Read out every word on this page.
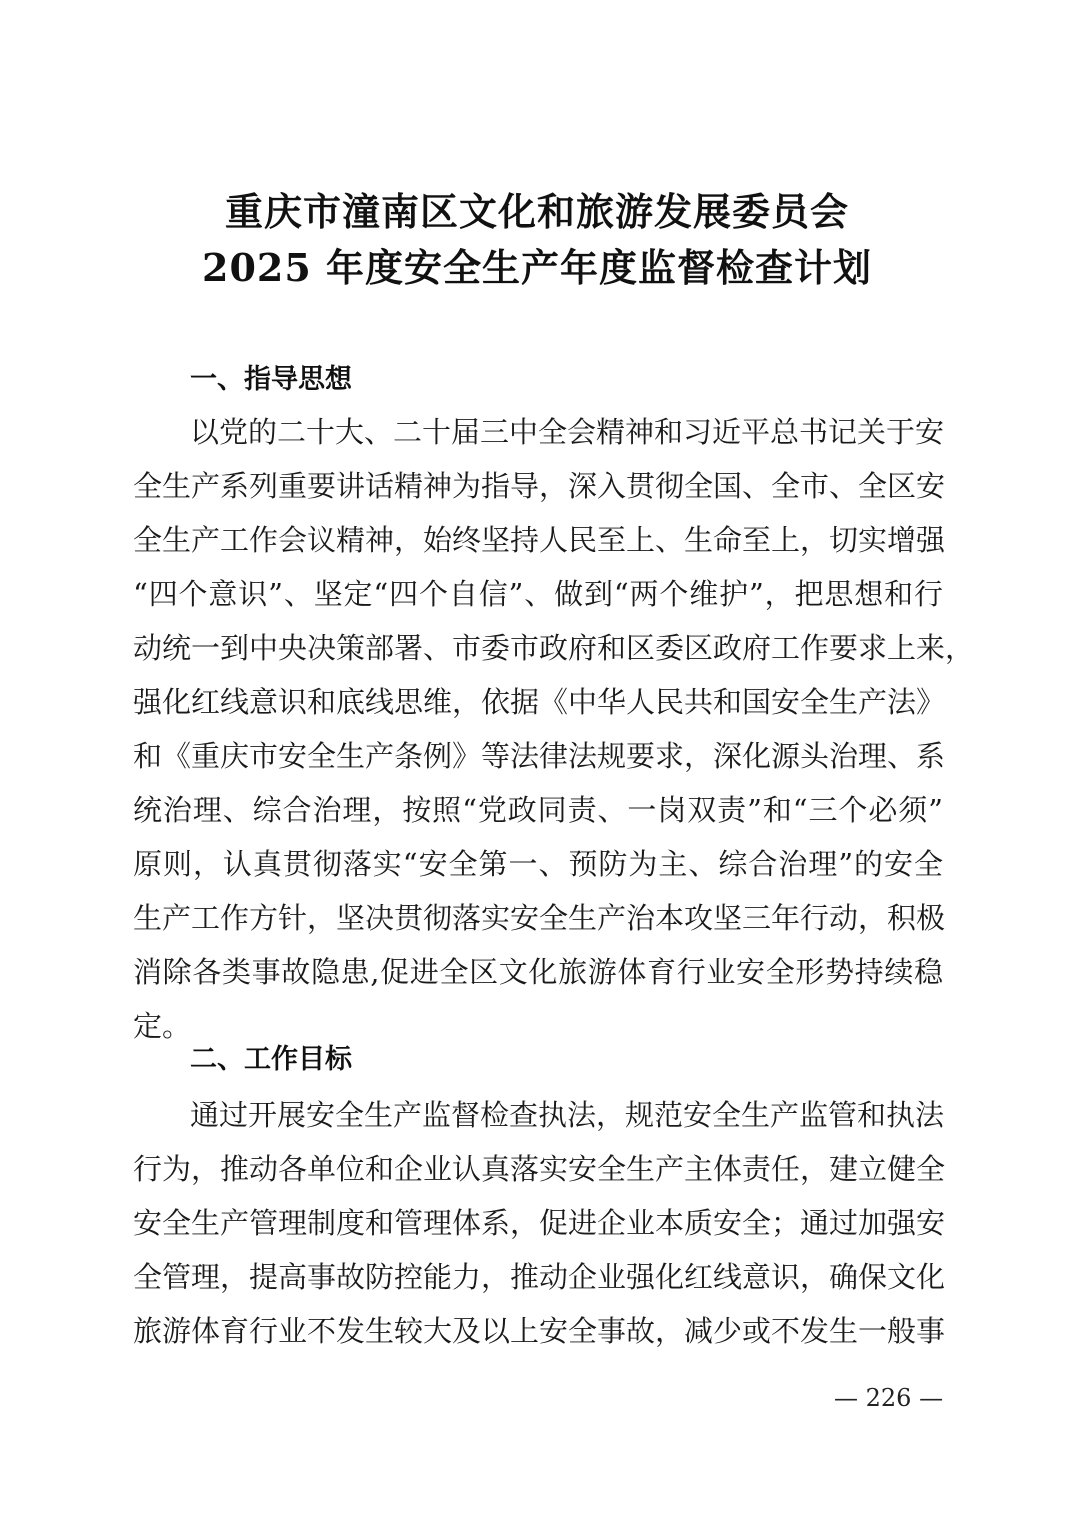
重庆市潼南区文化和旅游发展委员会
2025 年度安全生产年度监督检查计划
一、指导思想
以党的二十大、二十届三中全会精神和习近平总书记关于安
全生产系列重要讲话精神为指导，深入贯彻全国、全市、全区安
全生产工作会议精神，始终坚持人民至上、生命至上，切实增强
“四个意识”、坚定“四个自信”、做到“两个维护”，把思想和行
动统一到中央决策部署、市委市政府和区委区政府工作要求上来，
强化红线意识和底线思维，依据《中华人民共和国安全生产法》
和《重庆市安全生产条例》等法律法规要求，深化源头治理、系
统治理、综合治理，按照“党政同责、一岗双责”和“三个必须”
原则，认真贯彻落实“安全第一、预防为主、综合治理”的安全
生产工作方针，坚决贯彻落实安全生产治本攻坚三年行动，积极
消除各类事故隐患,促进全区文化旅游体育行业安全形势持续稳
定。
二、工作目标
通过开展安全生产监督检查执法，规范安全生产监管和执法
行为，推动各单位和企业认真落实安全生产主体责任，建立健全
安全生产管理制度和管理体系，促进企业本质安全；通过加强安
全管理，提高事故防控能力，推动企业强化红线意识，确保文化
旅游体育行业不发生较大及以上安全事故，减少或不发生一般事
— 226 —
